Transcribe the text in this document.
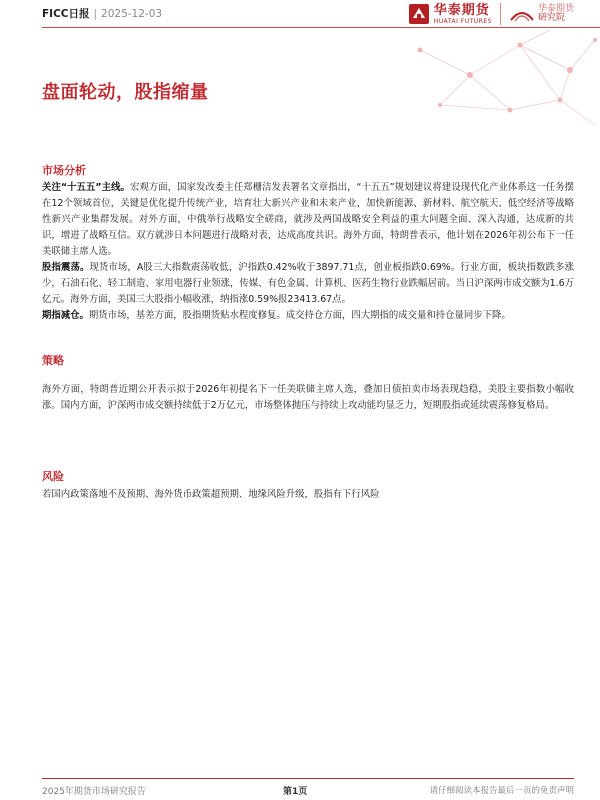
FICC日报 | 2025-12-03	华泰期货
HUATAI FUTURES
华泰期货
研究院
盘面轮动，股指缩量
市场分析

关注“十五五”主线。宏观方面，国家发改委主任郑栅洁发表署名文章指出，“十五五”规划建议将建设现代化产业体系这一任务摆在12个领域首位，关键是优化提升传统产业，培育壮大新兴产业和未来产业，加快新能源、新材料、航空航天、低空经济等战略性新兴产业集群发展。对外方面，中俄举行战略安全磋商，就涉及两国战略安全利益的重大问题全面、深入沟通，达成新的共识，增进了战略互信。双方就涉日本问题进行战略对表，达成高度共识。海外方面，特朗普表示，他计划在2026年初公布下一任美联储主席人选。

股指震荡。现货市场，A股三大指数震荡收低，沪指跌0.42%收于3897.71点，创业板指跌0.69%。行业方面，板块指数跌多涨少，石油石化、轻工制造、家用电器行业领涨，传媒、有色金属、计算机、医药生物行业跌幅居前。当日沪深两市成交额为1.6万亿元。海外方面，美国三大股指小幅收涨，纳指涨0.59%报23413.67点。

期指减仓。期货市场，基差方面，股指期货贴水程度修复。成交持仓方面，四大期指的成交量和持仓量同步下降。

策略

海外方面，特朗普近期公开表示拟于2026年初提名下一任美联储主席人选，叠加日债拍卖市场表现趋稳，美股主要指数小幅收涨。国内方面，沪深两市成交额持续低于2万亿元，市场整体抛压与持续上攻动能均显乏力，短期股指或延续震荡修复格局。

风险

若国内政策落地不及预期、海外货币政策超预期、地缘风险升级，股指有下行风险

2025年期货市场研究报告	第1页	请仔细阅读本报告最后一页的免责声明
